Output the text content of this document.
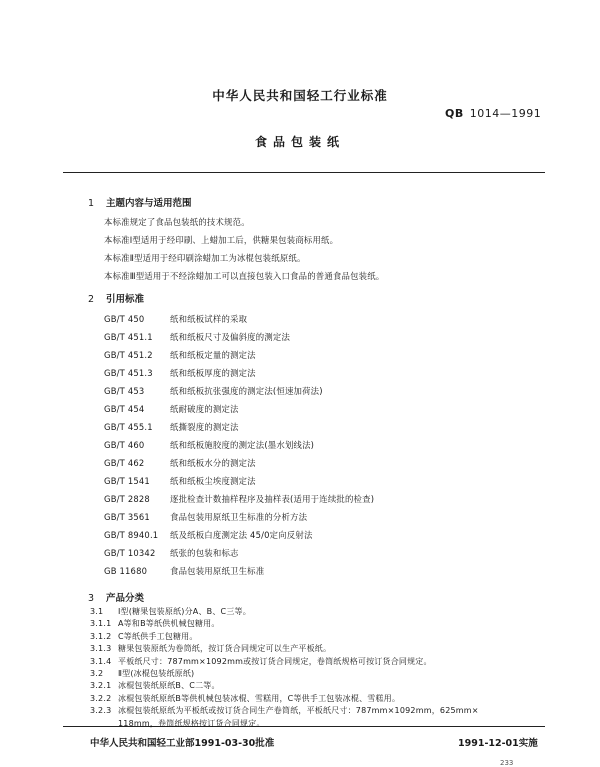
中华人民共和国轻工行业标准
QB 1014—1991
食品包装纸
1 主题内容与适用范围
本标准规定了食品包装纸的技术规范。
本标准Ⅰ型适用于经印刷、上蜡加工后，供糖果包装商标用纸。
本标准Ⅱ型适用于经印刷涂蜡加工为冰棍包装纸原纸。
本标准Ⅲ型适用于不经涂蜡加工可以直接包装入口食品的普通食品包装纸。
2 引用标准
GB/T 450	纸和纸板试样的采取
GB/T 451.1 纸和纸板尺寸及偏斜度的测定法
GB/T 451.2 纸和纸板定量的测定法
GB/T 451.3 纸和纸板厚度的测定法
GB/T 453	纸和纸板抗张强度的测定法(恒速加荷法)
GB/T 454	纸耐破度的测定法
GB/T 455.1 纸撕裂度的测定法
GB/T 460	纸和纸板施胶度的测定法(墨水划线法)
GB/T 462	纸和纸板水分的测定法
GB/T 1541 纸和纸板尘埃度测定法
GB/T 2828 逐批检查计数抽样程序及抽样表(适用于连续批的检查)
GB/T 3561 食品包装用原纸卫生标准的分析方法
GB/T 8940.1 纸及纸板白度测定法 45/0定向反射法
GB/T 10342 纸张的包装和标志
GB 11680	食品包装用原纸卫生标准
3 产品分类
中华人民共和国轻工业部1991-03-30批准	1991-12-01实施
233
3.1 Ⅰ型(糖果包装原纸)分A、B、C三等。
3.1.1 A等和B等纸供机械包糖用。
3.1.2 C等纸供手工包糖用。
3.1.3 糖果包装原纸为卷筒纸，按订货合同规定可以生产平板纸。
3.1.4 平板纸尺寸：787mm×1092mm或按订货合同规定，卷筒纸规格可按订货合同规定。
3.2 Ⅱ型(冰棍包装纸原纸)
3.2.1 冰棍包装纸原纸B、C二等。
3.2.2 冰棍包装纸原纸B等供机械包装冰棍、雪糕用，C等供手工包装冰棍、雪糕用。
3.2.3 冰棍包装纸原纸为平板纸或按订货合同生产卷筒纸，平板纸尺寸：787mm×1092mm，625mm×
118mm，卷筒纸规格按订货合同规定。
